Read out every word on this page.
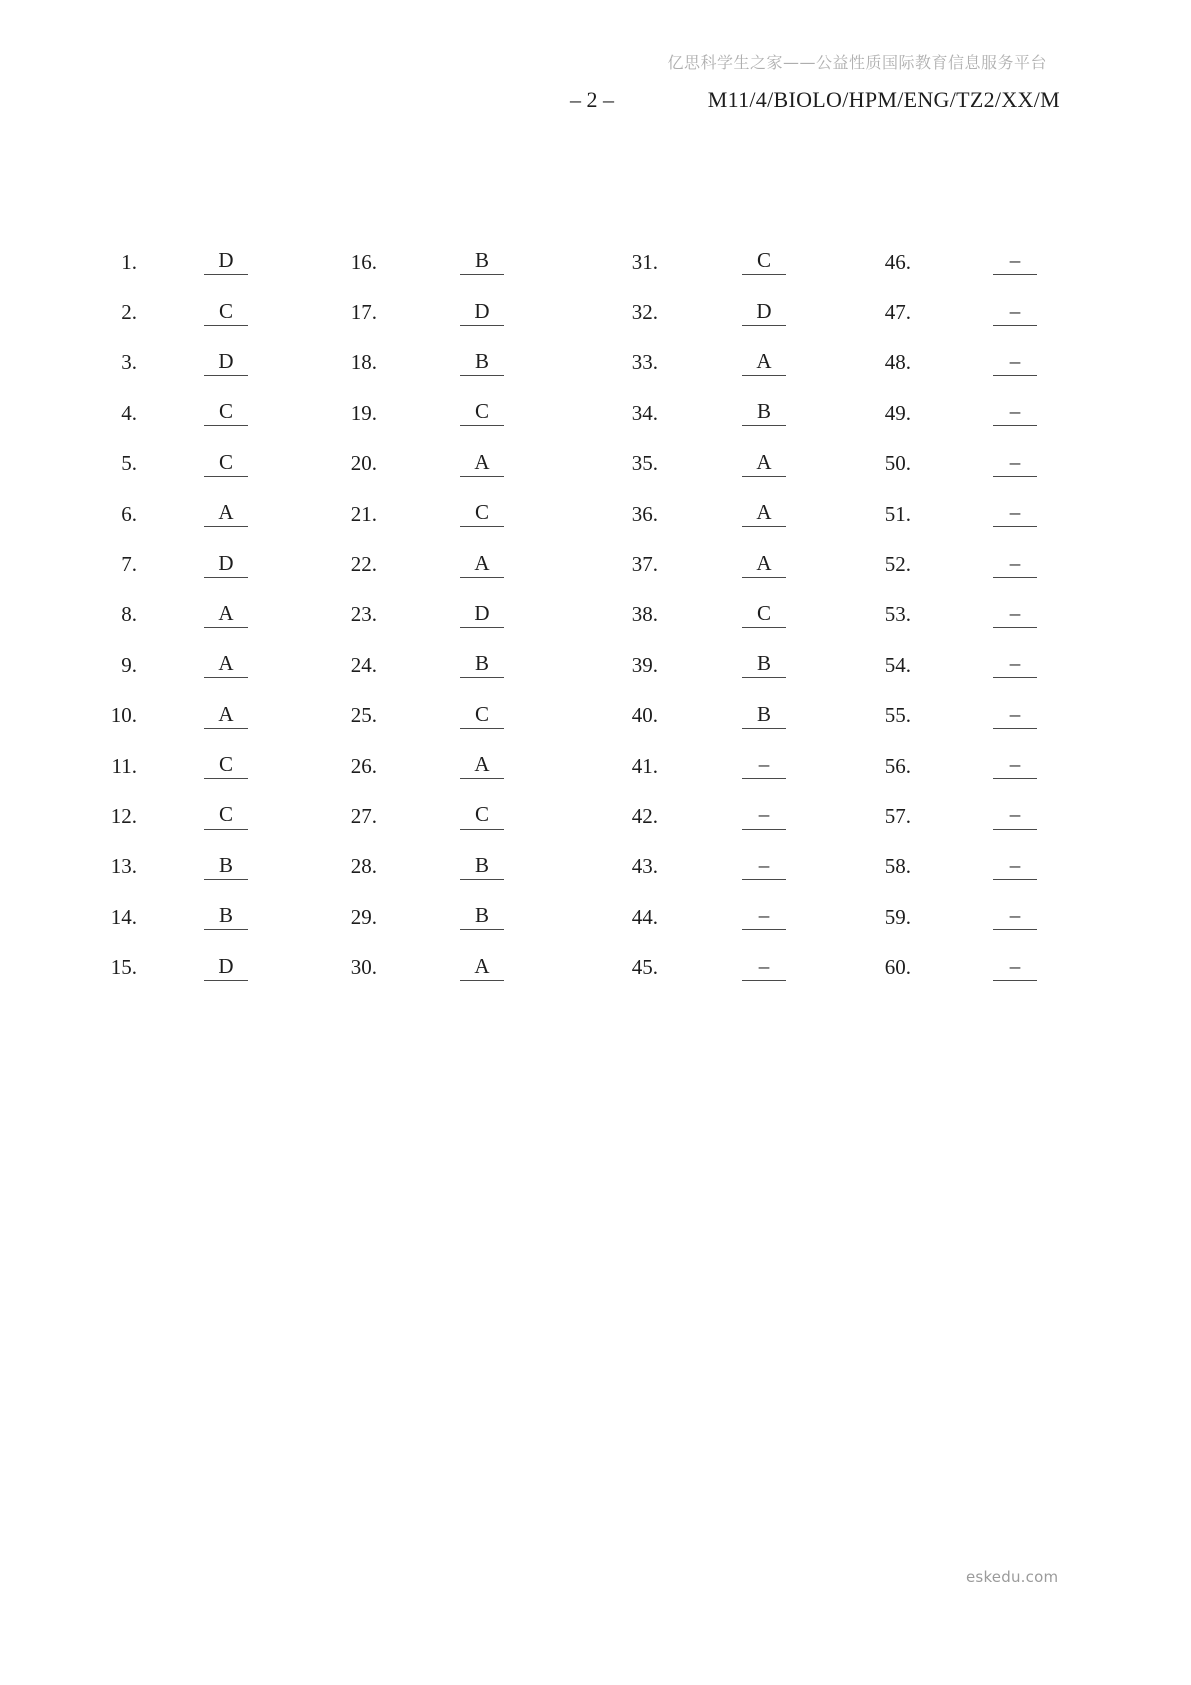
亿思科学生之家——公益性质国际教育信息服务平台
– 2 –	M11/4/BIOLO/HPM/ENG/TZ2/XX/M
1.	D	16.	B	31.	C	46.	–
2.	C	17.	D	32.	D	47.	–
3.	D	18.	B	33.	A	48.	–
4.	C	19.	C	34.	B	49.	–
5.	C	20.	A	35.	A	50.	–
6.	A	21.	C	36.	A	51.	–
7.	D	22.	A	37.	A	52.	–
8.	A	23.	D	38.	C	53.	–
9.	A	24.	B	39.	B	54.	–
10.	A	25.	C	40.	B	55.	–
11.	C	26.	A	41.	–	56.	–
12.	C	27.	C	42.	–	57.	–
13.	B	28.	B	43.	–	58.	–
14.	B	29.	B	44.	–	59.	–
15.	D	30.	A	45.	–	60.	–
eskedu.com
